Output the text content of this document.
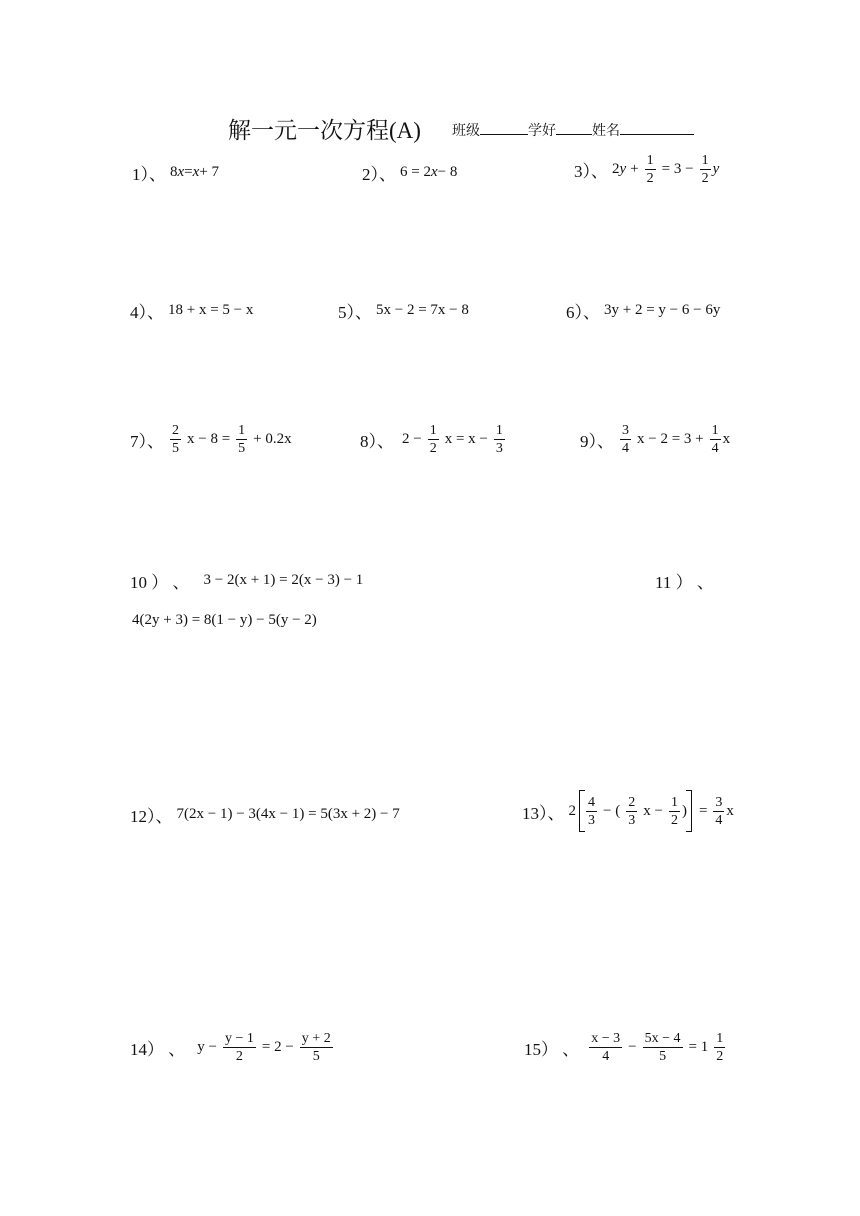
解一元一次方程(A) 班级	学好	姓名
1）、 8 x = x + 7	2）、 6 = 2 x − 8	3）、 2 $y + \frac{1}{2} = 3 - \frac{1}{2}$ y
4）、 18 + x = 5 − x	5）、 5x − 2 = 7x − 8	6）、 3y + 2 = y − 6 − 6y
7）、 $\frac{2}{5}$ $x - 8 = \frac{1}{5} + 0.2x$	8）、 $2 - \frac{1}{2}$ $x = x - \frac{1}{3}$	9）、 $\frac{3}{4}$ $x - 2 = 3 + \frac{1}{4}$ x
10 ） 、 3 − 2(x + 1) = 2(x − 3) − 1	11 ） 、
4(2y + 3) = 8(1 − y) − 5(y − 2)
12）、 7(2x − 1) − 3(4x − 1) = 5(3x + 2) − 7	13）、 $2 \frac{4}{3}$ − ( $\frac{2}{3}$ $x - \frac{1}{2}$ ) = $\frac{3}{4}$ x
14） 、 $y - \frac{y - 1}{2} = 2 - \frac{y + 2}{5}$	15） 、 $\frac{x - 3}{4} - \frac{5x - 4}{5} = 1 \frac{1}{2}$
